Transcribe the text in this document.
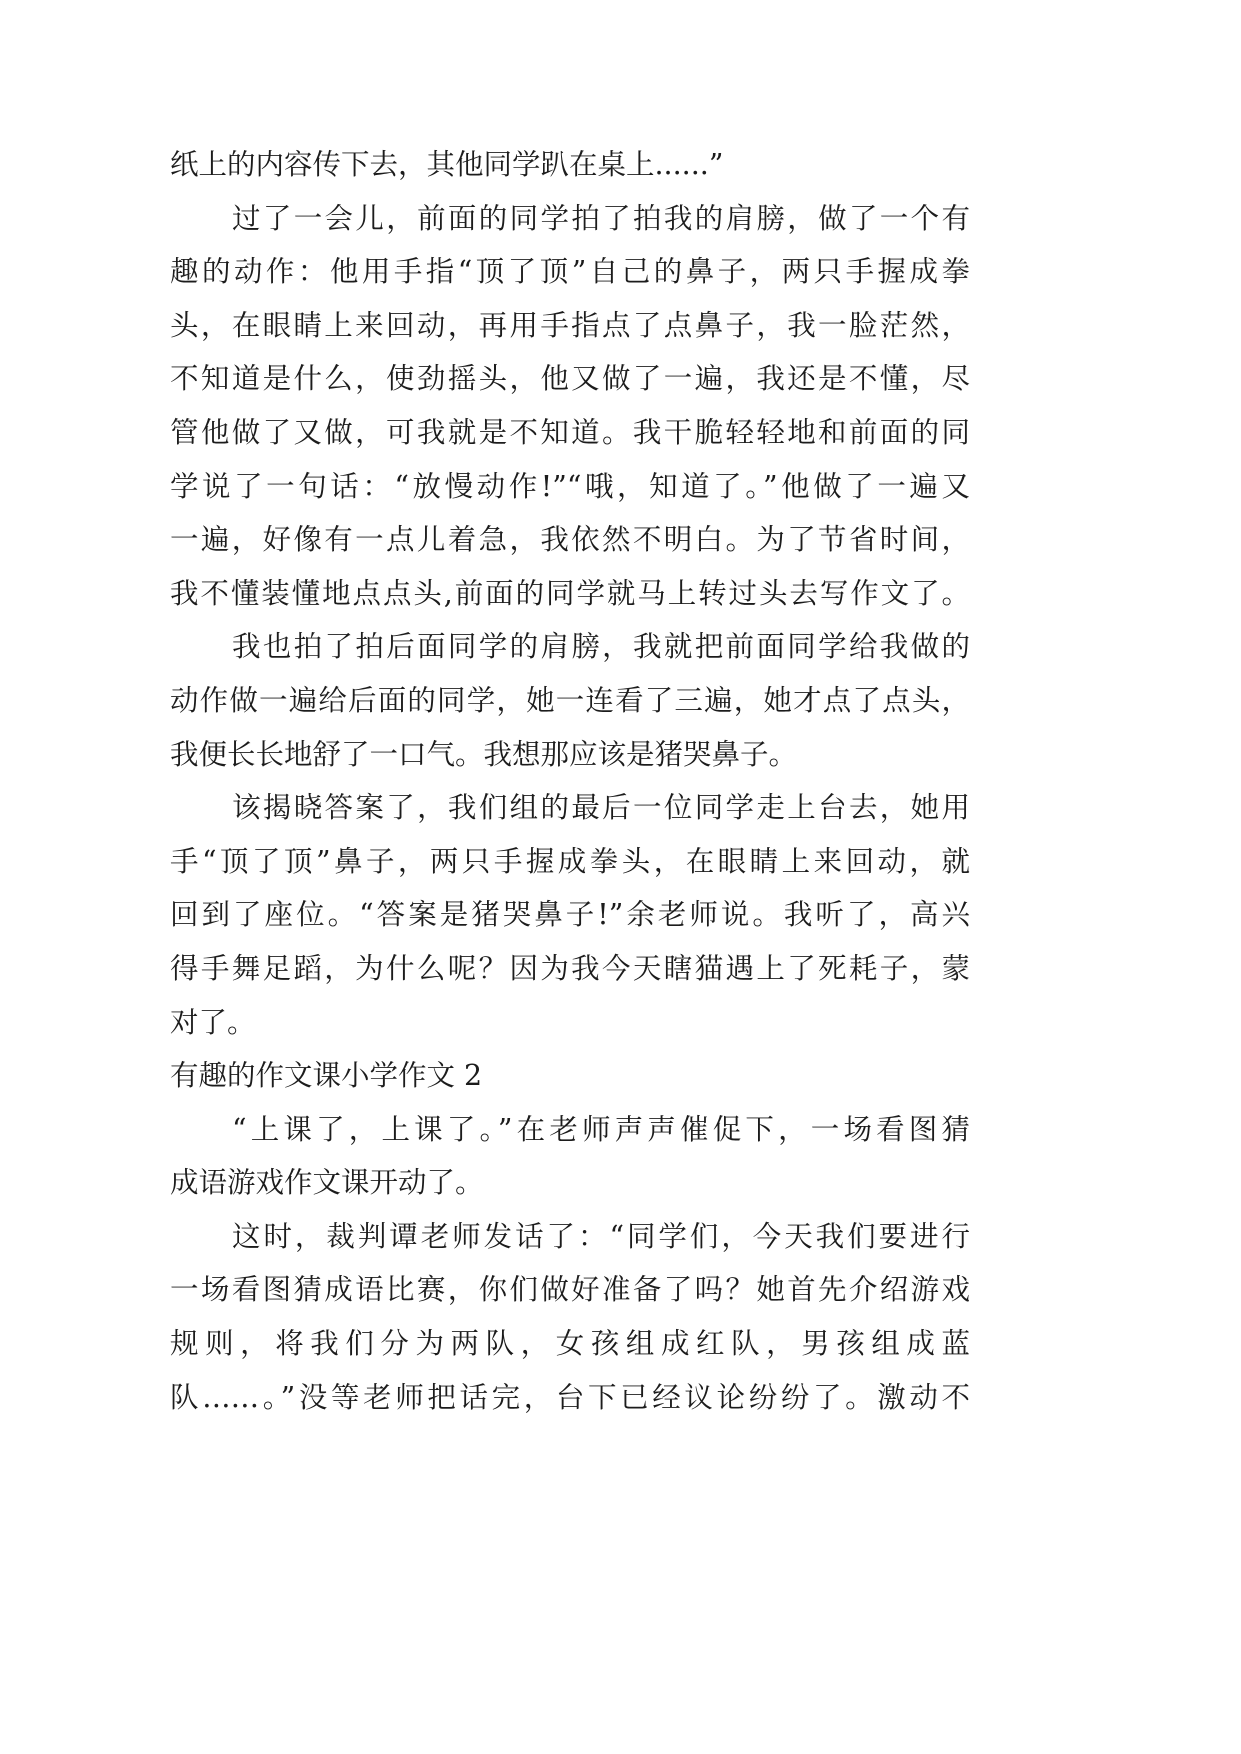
纸上的内容传下去，其他同学趴在桌上......”
过了一会儿，前面的同学拍了拍我的肩膀，做了一个有
趣的动作：他用手指“顶了顶”自己的鼻子，两只手握成拳
头，在眼睛上来回动，再用手指点了点鼻子，我一脸茫然，
不知道是什么，使劲摇头，他又做了一遍，我还是不懂，尽
管他做了又做，可我就是不知道。我干脆轻轻地和前面的同
学说了一句话：“放慢动作!”“哦，知道了。”他做了一遍又
一遍，好像有一点儿着急，我依然不明白。为了节省时间，
我不懂装懂地点点头,前面的同学就马上转过头去写作文了。
我也拍了拍后面同学的肩膀，我就把前面同学给我做的
动作做一遍给后面的同学，她一连看了三遍，她才点了点头，
我便长长地舒了一口气。我想那应该是猪哭鼻子。
该揭晓答案了，我们组的最后一位同学走上台去，她用
手“顶了顶”鼻子，两只手握成拳头，在眼睛上来回动，就
回到了座位。“答案是猪哭鼻子!”余老师说。我听了，高兴
得手舞足蹈，为什么呢？因为我今天瞎猫遇上了死耗子，蒙
对了。
有趣的作文课小学作文 2
“上课了，上课了。”在老师声声催促下，一场看图猜
成语游戏作文课开动了。
这时，裁判谭老师发话了：“同学们，今天我们要进行
一场看图猜成语比赛，你们做好准备了吗？她首先介绍游戏
规则，将我们分为两队，女孩组成红队，男孩组成蓝
队……。”没等老师把话完，台下已经议论纷纷了。激动不
